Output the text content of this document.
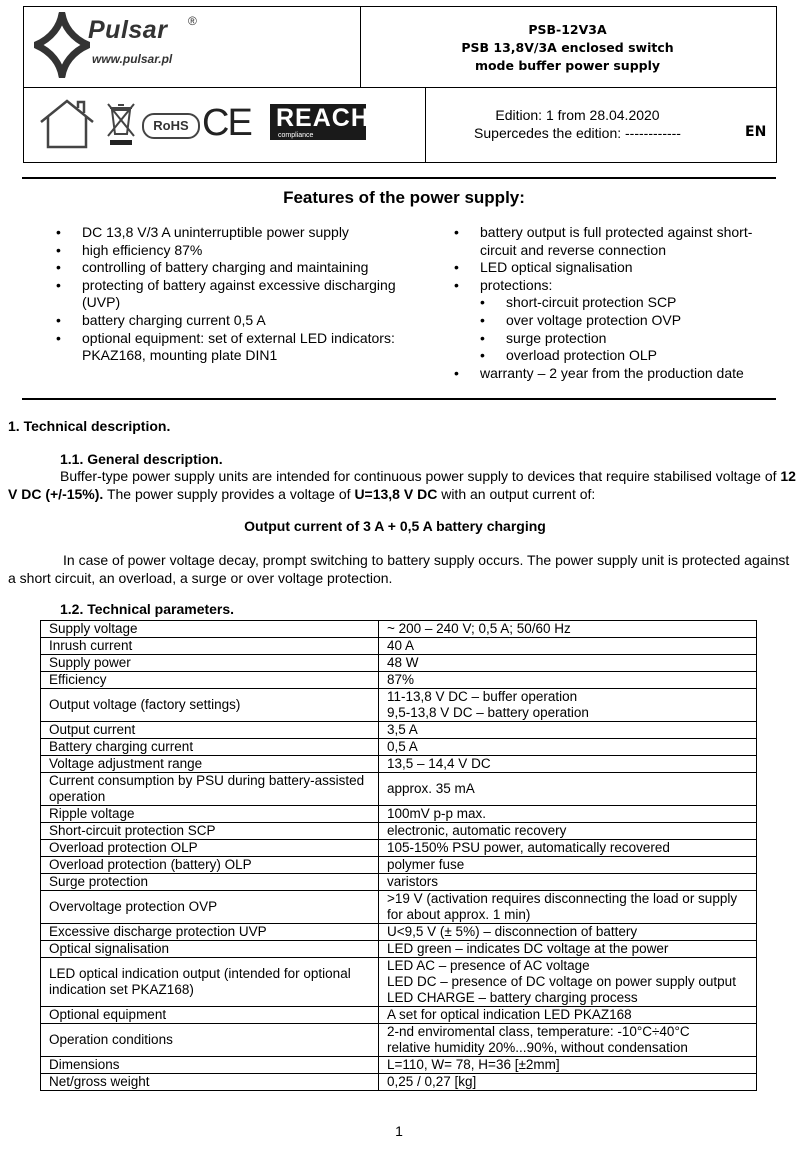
Pulsar ®
www.pulsar.pl
PSB-12V3A
PSB 13,8V/3A enclosed switch
mode buffer power supply
RoHS CE REACH
compliance
Edition: 1 from 28.04.2020
Supercedes the edition: ------------	EN
Features of the power supply:
• DC 13,8 V/3 A uninterruptible power supply
• high efficiency 87%
• controlling of battery charging and maintaining
• protecting of battery against excessive discharging (UVP)
• battery charging current 0,5 A
• optional equipment: set of external LED indicators: PKAZ168, mounting plate DIN1
• battery output is full protected against short-circuit and reverse connection
• LED optical signalisation
• protections:
• short-circuit protection SCP
• over voltage protection OVP
• surge protection
• overload protection OLP
• warranty – 2 year from the production date
1. Technical description.
1.1. General description.
Buffer-type power supply units are intended for continuous power supply to devices that require stabilised voltage of 12 V DC (+/-15%). The power supply provides a voltage of U=13,8 V DC with an output current of:
Output current of 3 A + 0,5 A battery charging
In case of power voltage decay, prompt switching to battery supply occurs. The power supply unit is protected against a short circuit, an overload, a surge or over voltage protection.
1.2. Technical parameters.
Supply voltage	~ 200 – 240 V; 0,5 A; 50/60 Hz
Inrush current	40 A
Supply power	48 W
Efficiency	87%
Output voltage (factory settings)	11-13,8 V DC – buffer operation
9,5-13,8 V DC – battery operation
Output current	3,5 A
Battery charging current	0,5 A
Voltage adjustment range	13,5 – 14,4 V DC
Current consumption by PSU during battery-assisted operation	approx. 35 mA
Ripple voltage	100mV p-p max.
Short-circuit protection SCP	electronic, automatic recovery
Overload protection OLP	105-150% PSU power, automatically recovered
Overload protection (battery) OLP	polymer fuse
Surge protection	varistors
Overvoltage protection OVP	>19 V (activation requires disconnecting the load or supply for about approx. 1 min)
Excessive discharge protection UVP	U<9,5 V (± 5%) – disconnection of battery
Optical signalisation	LED green – indicates DC voltage at the power
LED optical indication output (intended for optional indication set PKAZ168)	LED AC – presence of AC voltage
LED DC – presence of DC voltage on power supply output
LED CHARGE – battery charging process
Optional equipment	A set for optical indication LED PKAZ168
Operation conditions	2-nd enviromental class, temperature: -10°C÷40°C
relative humidity 20%...90%, without condensation
Dimensions	L=110, W= 78, H=36 [±2mm]
Net/gross weight	0,25 / 0,27 [kg]
1
